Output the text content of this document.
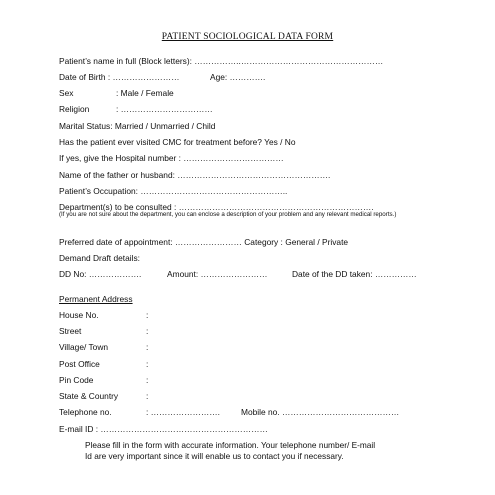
PATIENT SOCIOLOGICAL DATA FORM
Patient’s name in full (Block letters): ……………..……………………………………………
Date of Birth : ……………………	Age: ………….
Sex	: Male / Female
Religion	: ……………………………
Marital Status: Married / Unmarried / Child
Has the patient ever visited CMC for treatment before? Yes / No
If yes, give the Hospital number : ………………………………
Name of the father or husband: ……………………………………………….
Patient’s Occupation: ……………………………………………..
Department(s) to be consulted : …………………………………………………………….
(If you are not sure about the department, you can enclose a description of your problem and any relevant medical reports.)
Preferred date of appointment: …………………… Category : General / Private
Demand Draft details:
DD No: ……………….	Amount: ……………………	Date of the DD taken: ……………
Permanent Address
House No.	:
Street	:
Village/ Town	:
Post Office	:
Pin Code	:
State & Country	:
Telephone no.	: …………………….	Mobile no. ……………………………………
E-mail ID : ……………………………………………………
Please fill in the form with accurate information. Your telephone number/ E-mail
Id are very important since it will enable us to contact you if necessary.
